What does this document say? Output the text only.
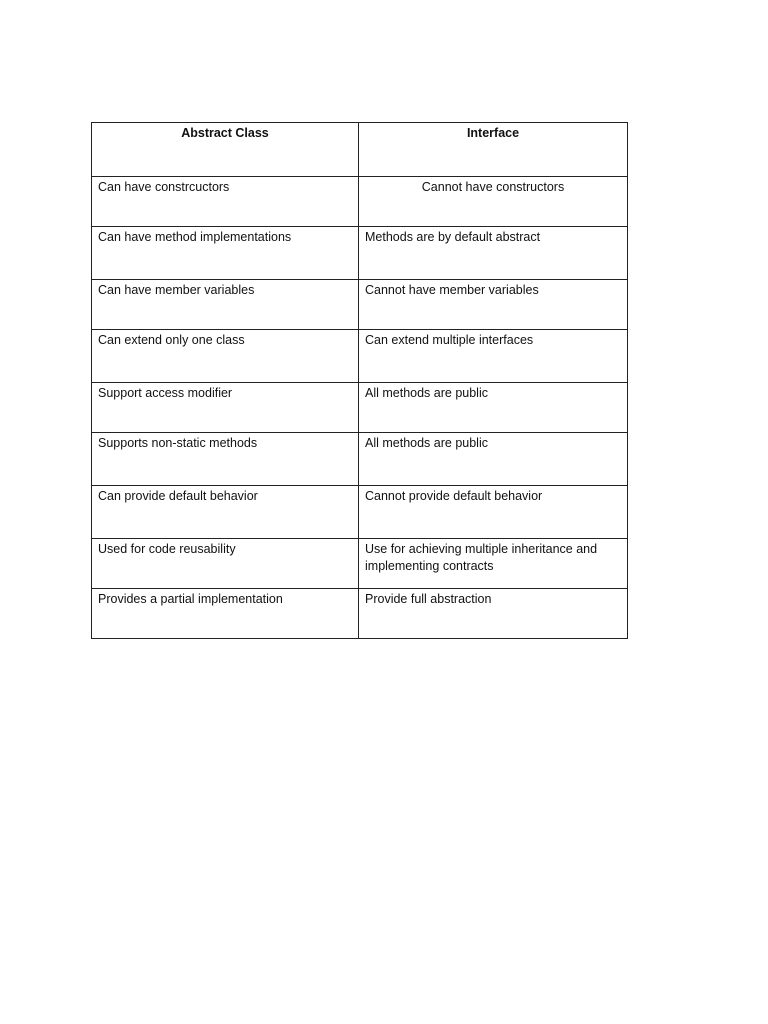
Abstract Class	Interface
Can have constrcuctors	Cannot have constructors
Can have method implementations	Methods are by default abstract
Can have member variables	Cannot have member variables
Can extend only one class	Can extend multiple interfaces
Support access modifier	All methods are public
Supports non-static methods	All methods are public
Can provide default behavior	Cannot provide default behavior
Used for code reusability	Use for achieving multiple inheritance and implementing contracts
Provides a partial implementation	Provide full abstraction
